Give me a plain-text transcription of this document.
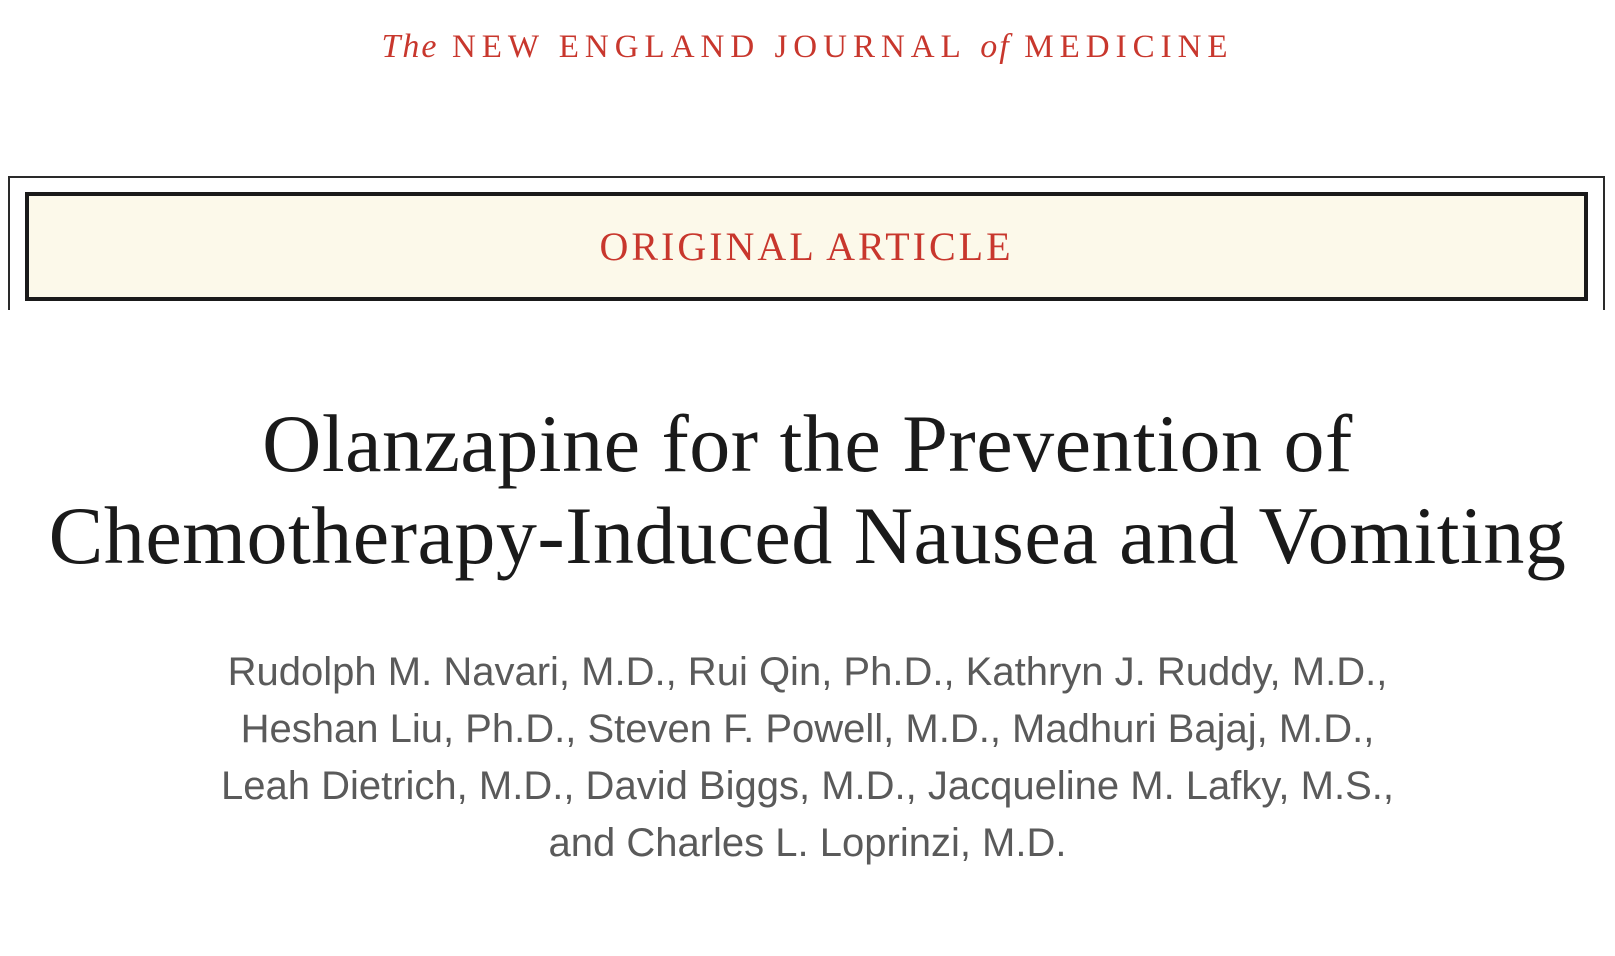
The NEW ENGLAND JOURNAL of MEDICINE
ORIGINAL ARTICLE
Olanzapine for the Prevention of
Chemotherapy-Induced Nausea and Vomiting
Rudolph M. Navari, M.D., Rui Qin, Ph.D., Kathryn J. Ruddy, M.D.,
Heshan Liu, Ph.D., Steven F. Powell, M.D., Madhuri Bajaj, M.D.,
Leah Dietrich, M.D., David Biggs, M.D., Jacqueline M. Lafky, M.S.,
and Charles L. Loprinzi, M.D.
